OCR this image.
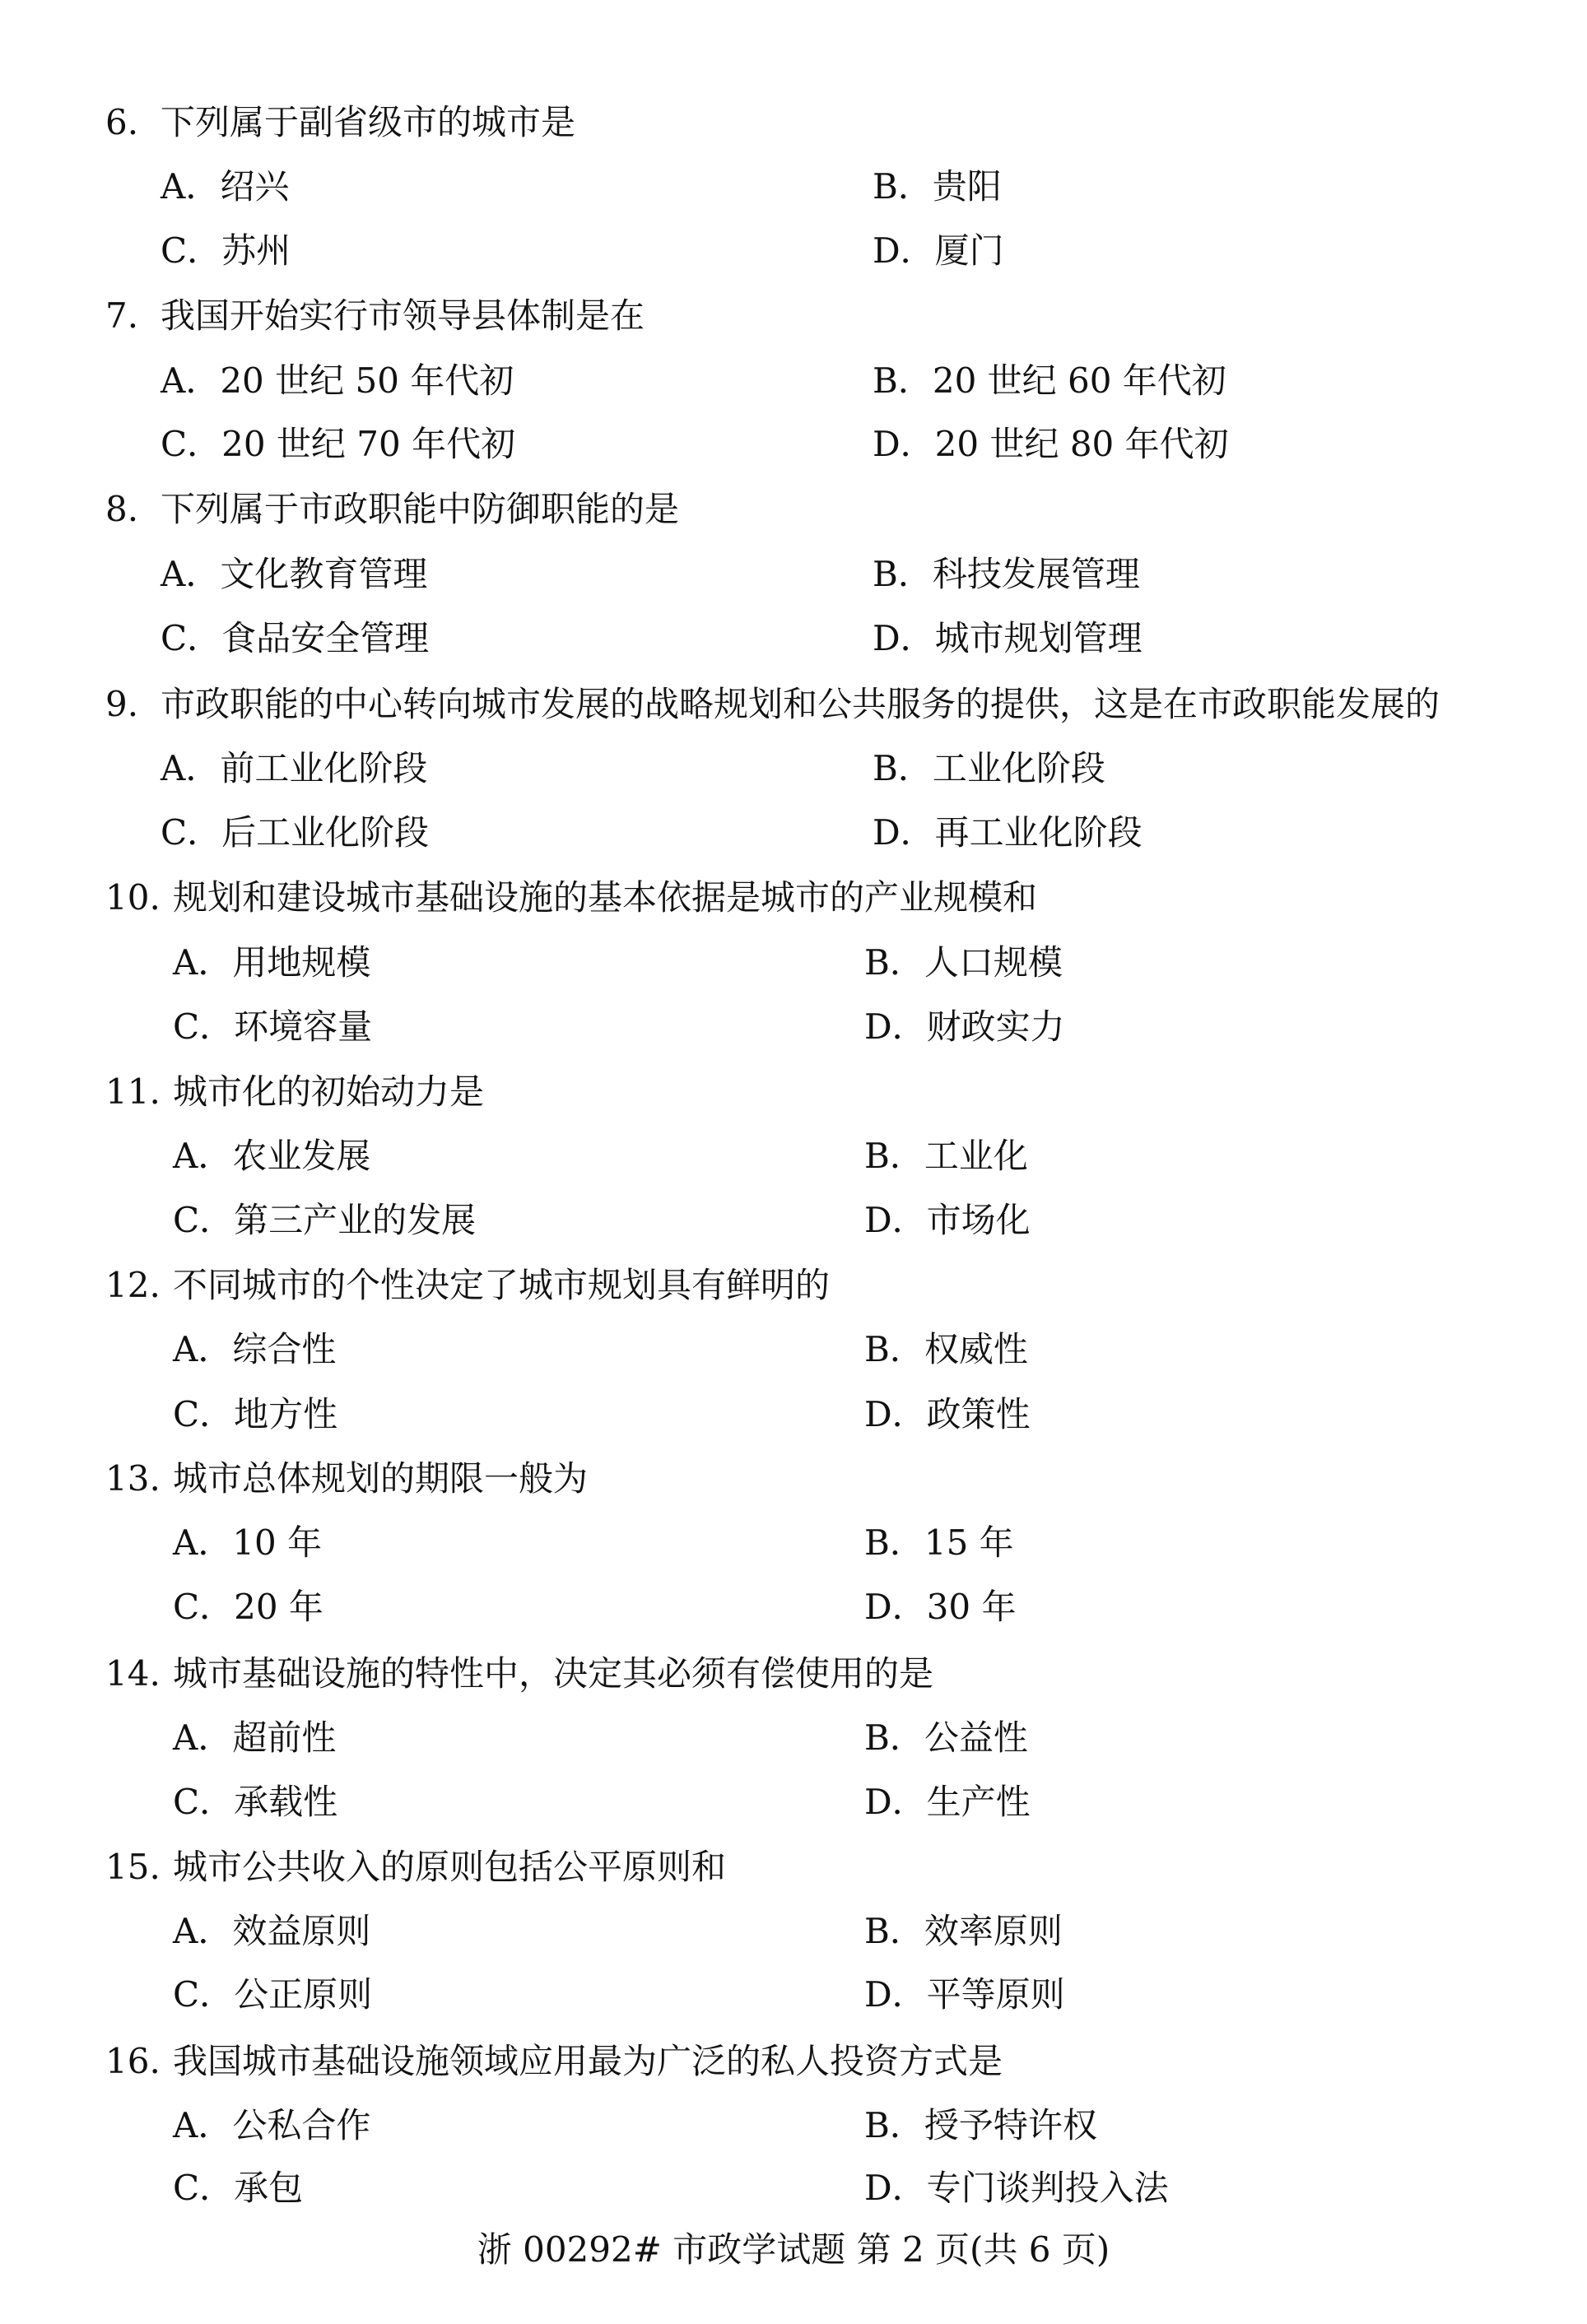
6. 下列属于副省级市的城市是
A．绍兴	B．贵阳
C．苏州	D．厦门
7. 我国开始实行市领导县体制是在
A．20 世纪 50 年代初	B．20 世纪 60 年代初
C．20 世纪 70 年代初	D．20 世纪 80 年代初
8. 下列属于市政职能中防御职能的是
A．文化教育管理	B．科技发展管理
C．食品安全管理	D．城市规划管理
9. 市政职能的中心转向城市发展的战略规划和公共服务的提供，这是在市政职能发展的
A．前工业化阶段	B．工业化阶段
C．后工业化阶段	D．再工业化阶段
10. 规划和建设城市基础设施的基本依据是城市的产业规模和
A．用地规模	B．人口规模
C．环境容量	D．财政实力
11. 城市化的初始动力是
A．农业发展	B．工业化
C．第三产业的发展	D．市场化
12. 不同城市的个性决定了城市规划具有鲜明的
A．综合性	B．权威性
C．地方性	D．政策性
13. 城市总体规划的期限一般为
A．10 年	B．15 年
C．20 年	D．30 年
14. 城市基础设施的特性中，决定其必须有偿使用的是
A．超前性	B．公益性
C．承载性	D．生产性
15. 城市公共收入的原则包括公平原则和
A．效益原则	B．效率原则
C．公正原则	D．平等原则
16. 我国城市基础设施领域应用最为广泛的私人投资方式是
A．公私合作	B．授予特许权
C．承包	D．专门谈判投入法
浙 00292# 市政学试题 第 2 页(共 6 页)
